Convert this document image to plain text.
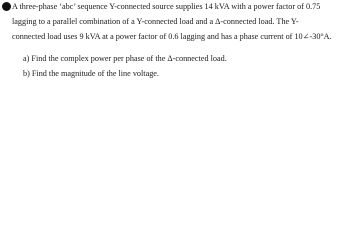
A three-phase ‘abc’ sequence Y-connected source supplies 14 kVA with a power factor of 0.75
lagging to a parallel combination of a Y-connected load and a Δ-connected load. The Y-
connected load uses 9 kVA at a power factor of 0.6 lagging and has a phase current of 10∠-30°A.
a) Find the complex power per phase of the Δ-connected load.
b) Find the magnitude of the line voltage.
